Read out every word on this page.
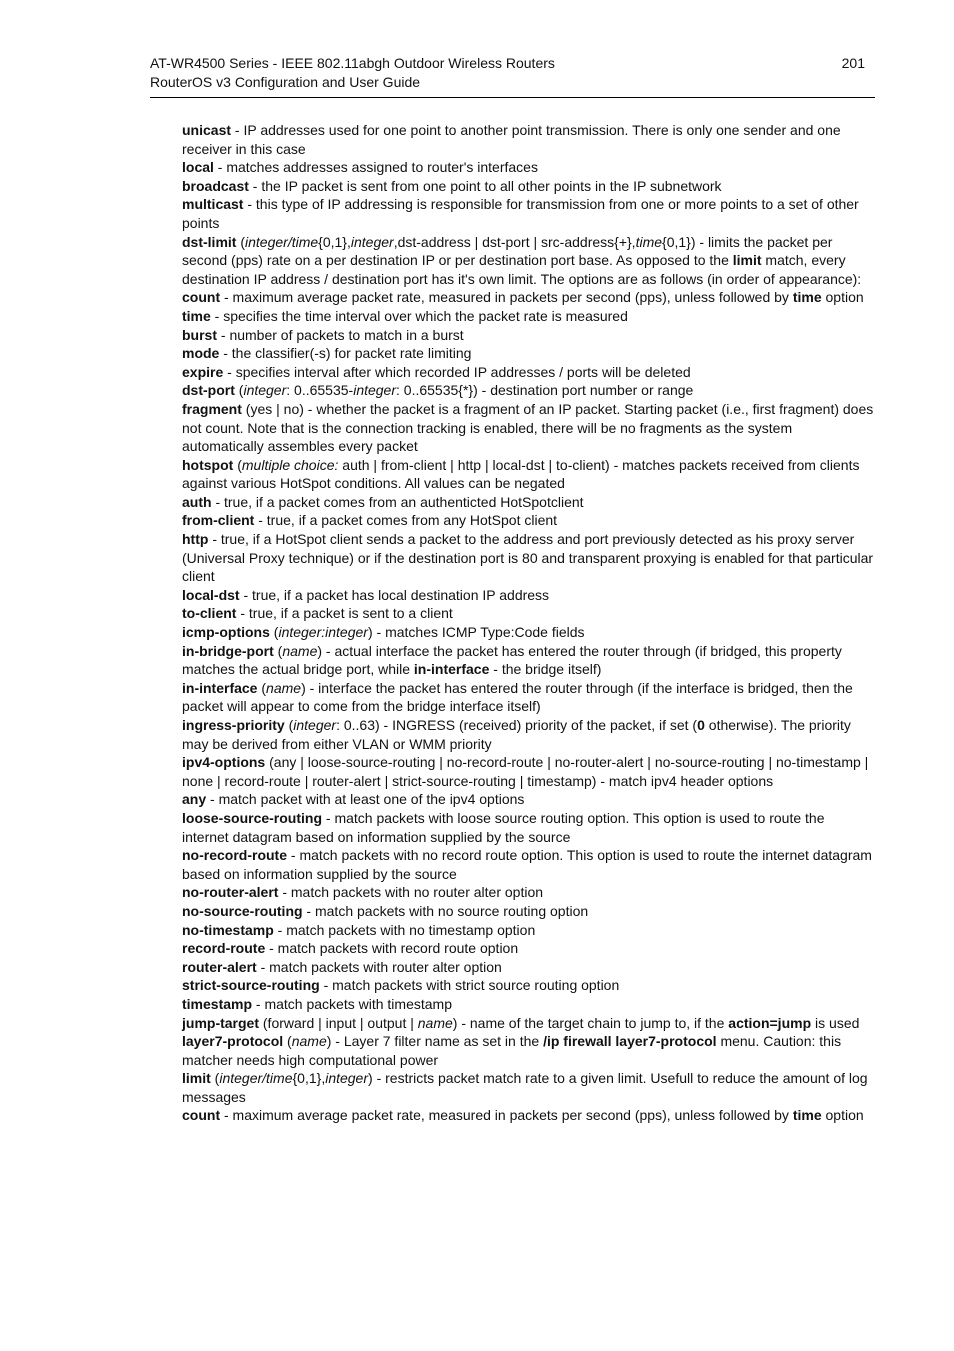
AT-WR4500 Series - IEEE 802.11abgh Outdoor Wireless Routers
RouterOS v3 Configuration and User Guide
201

unicast - IP addresses used for one point to another point transmission. There is only one sender and one receiver in this case

local - matches addresses assigned to router's interfaces

broadcast - the IP packet is sent from one point to all other points in the IP subnetwork

multicast - this type of IP addressing is responsible for transmission from one or more points to a set of other points

dst-limit (integer/time{0,1},integer,dst-address | dst-port | src-address{+},time{0,1}) - limits the packet per second (pps) rate on a per destination IP or per destination port base. As opposed to the limit match, every destination IP address / destination port has it's own limit. The options are as follows (in order of appearance):

count - maximum average packet rate, measured in packets per second (pps), unless followed by time option

time - specifies the time interval over which the packet rate is measured

burst - number of packets to match in a burst

mode - the classifier(-s) for packet rate limiting

expire - specifies interval after which recorded IP addresses / ports will be deleted

dst-port (integer: 0..65535-integer: 0..65535{*}) - destination port number or range

fragment (yes | no) - whether the packet is a fragment of an IP packet. Starting packet (i.e., first fragment) does not count. Note that is the connection tracking is enabled, there will be no fragments as the system automatically assembles every packet

hotspot (multiple choice: auth | from-client | http | local-dst | to-client) - matches packets received from clients against various HotSpot conditions. All values can be negated

auth - true, if a packet comes from an authenticted HotSpotclient

from-client - true, if a packet comes from any HotSpot client

http - true, if a HotSpot client sends a packet to the address and port previously detected as his proxy server (Universal Proxy technique) or if the destination port is 80 and transparent proxying is enabled for that particular client

local-dst - true, if a packet has local destination IP address

to-client - true, if a packet is sent to a client

icmp-options (integer:integer) - matches ICMP Type:Code fields

in-bridge-port (name) - actual interface the packet has entered the router through (if bridged, this property matches the actual bridge port, while in-interface - the bridge itself)

in-interface (name) - interface the packet has entered the router through (if the interface is bridged, then the packet will appear to come from the bridge interface itself)

ingress-priority (integer: 0..63) - INGRESS (received) priority of the packet, if set (0 otherwise). The priority may be derived from either VLAN or WMM priority

ipv4-options (any | loose-source-routing | no-record-route | no-router-alert | no-source-routing | no-timestamp | none | record-route | router-alert | strict-source-routing | timestamp) - match ipv4 header options

any - match packet with at least one of the ipv4 options

loose-source-routing - match packets with loose source routing option. This option is used to route the internet datagram based on information supplied by the source

no-record-route - match packets with no record route option. This option is used to route the internet datagram based on information supplied by the source

no-router-alert - match packets with no router alter option

no-source-routing - match packets with no source routing option

no-timestamp - match packets with no timestamp option

record-route - match packets with record route option

router-alert - match packets with router alter option

strict-source-routing - match packets with strict source routing option

timestamp - match packets with timestamp

jump-target (forward | input | output | name) - name of the target chain to jump to, if the action=jump is used

layer7-protocol (name) - Layer 7 filter name as set in the /ip firewall layer7-protocol menu. Caution: this matcher needs high computational power

limit (integer/time{0,1},integer) - restricts packet match rate to a given limit. Usefull to reduce the amount of log messages

count - maximum average packet rate, measured in packets per second (pps), unless followed by time option
